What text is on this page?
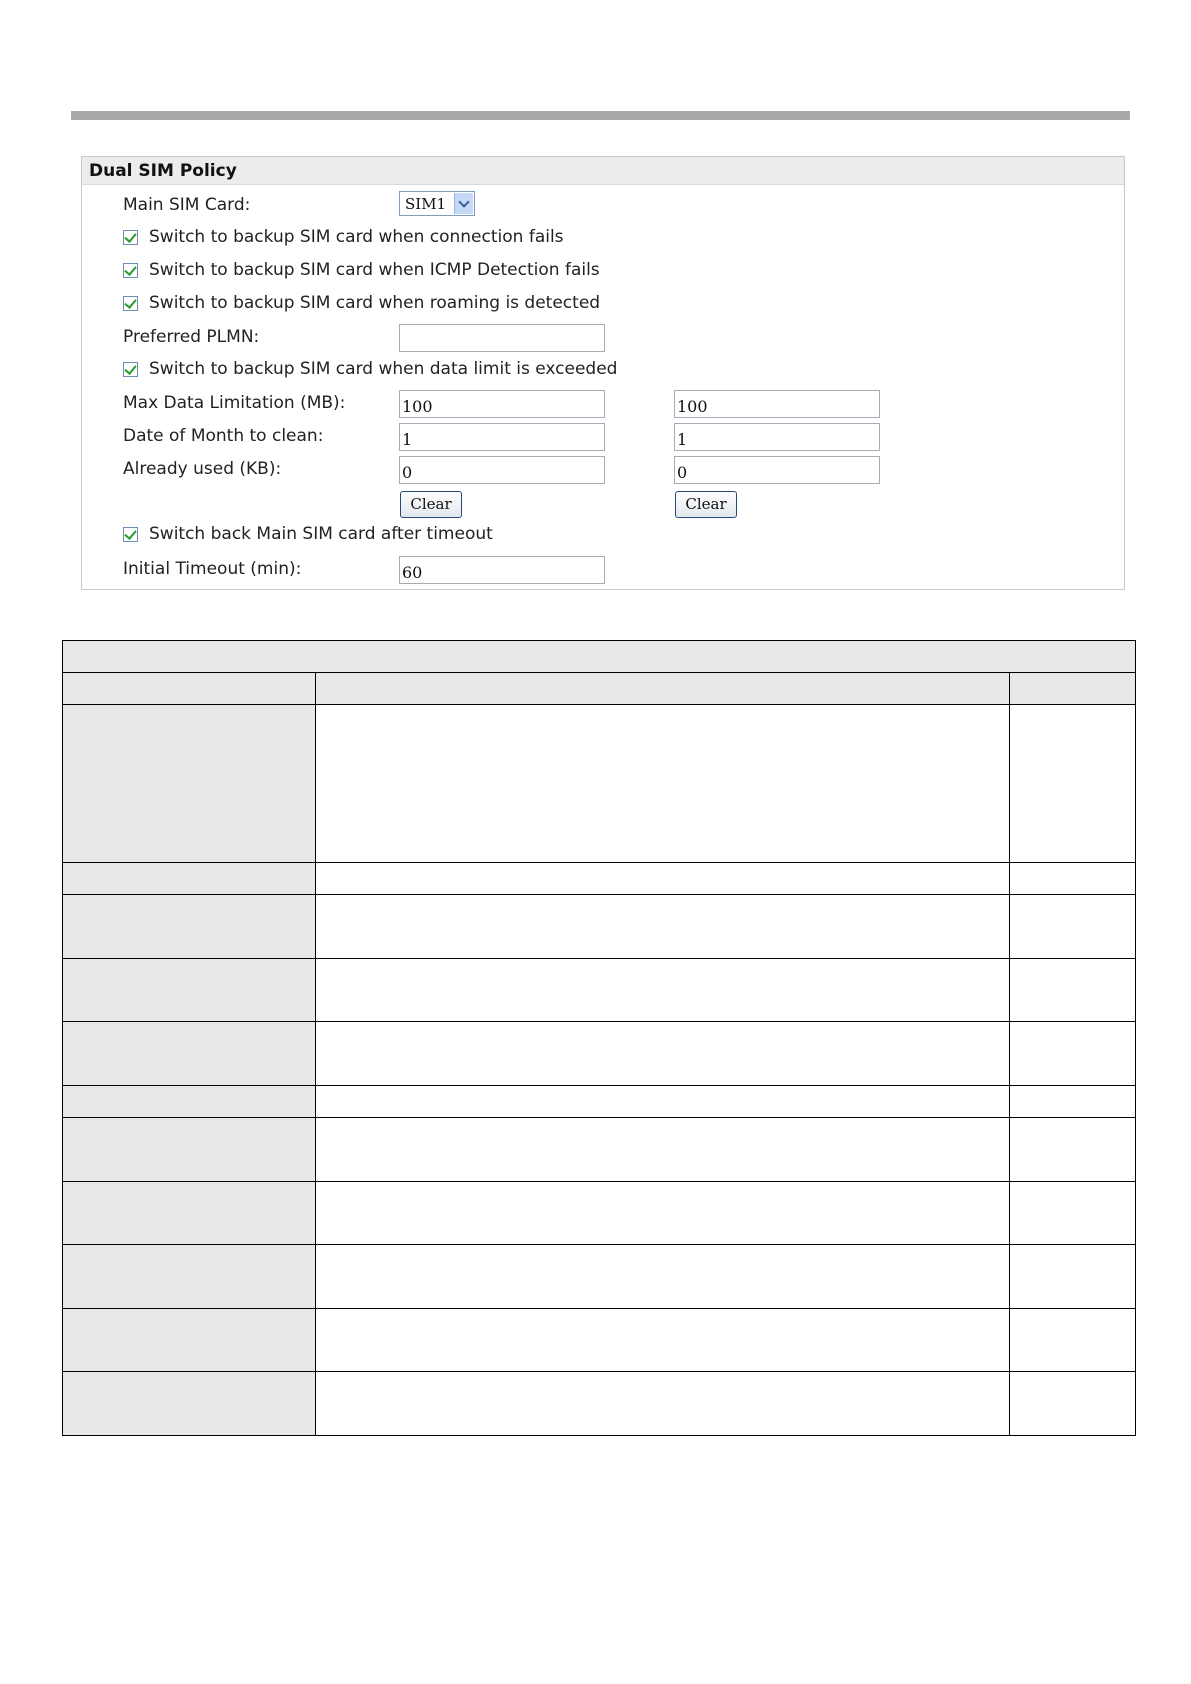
Dual SIM Policy
Main SIM Card:	SIM1
Switch to backup SIM card when connection fails
Switch to backup SIM card when ICMP Detection fails
Switch to backup SIM card when roaming is detected
Preferred PLMN:
Switch to backup SIM card when data limit is exceeded
Max Data Limitation (MB):	100	100
Date of Month to clean:	1	1
Already used (KB):	0	0
Clear	Clear
Switch back Main SIM card after timeout
Initial Timeout (min):	60
